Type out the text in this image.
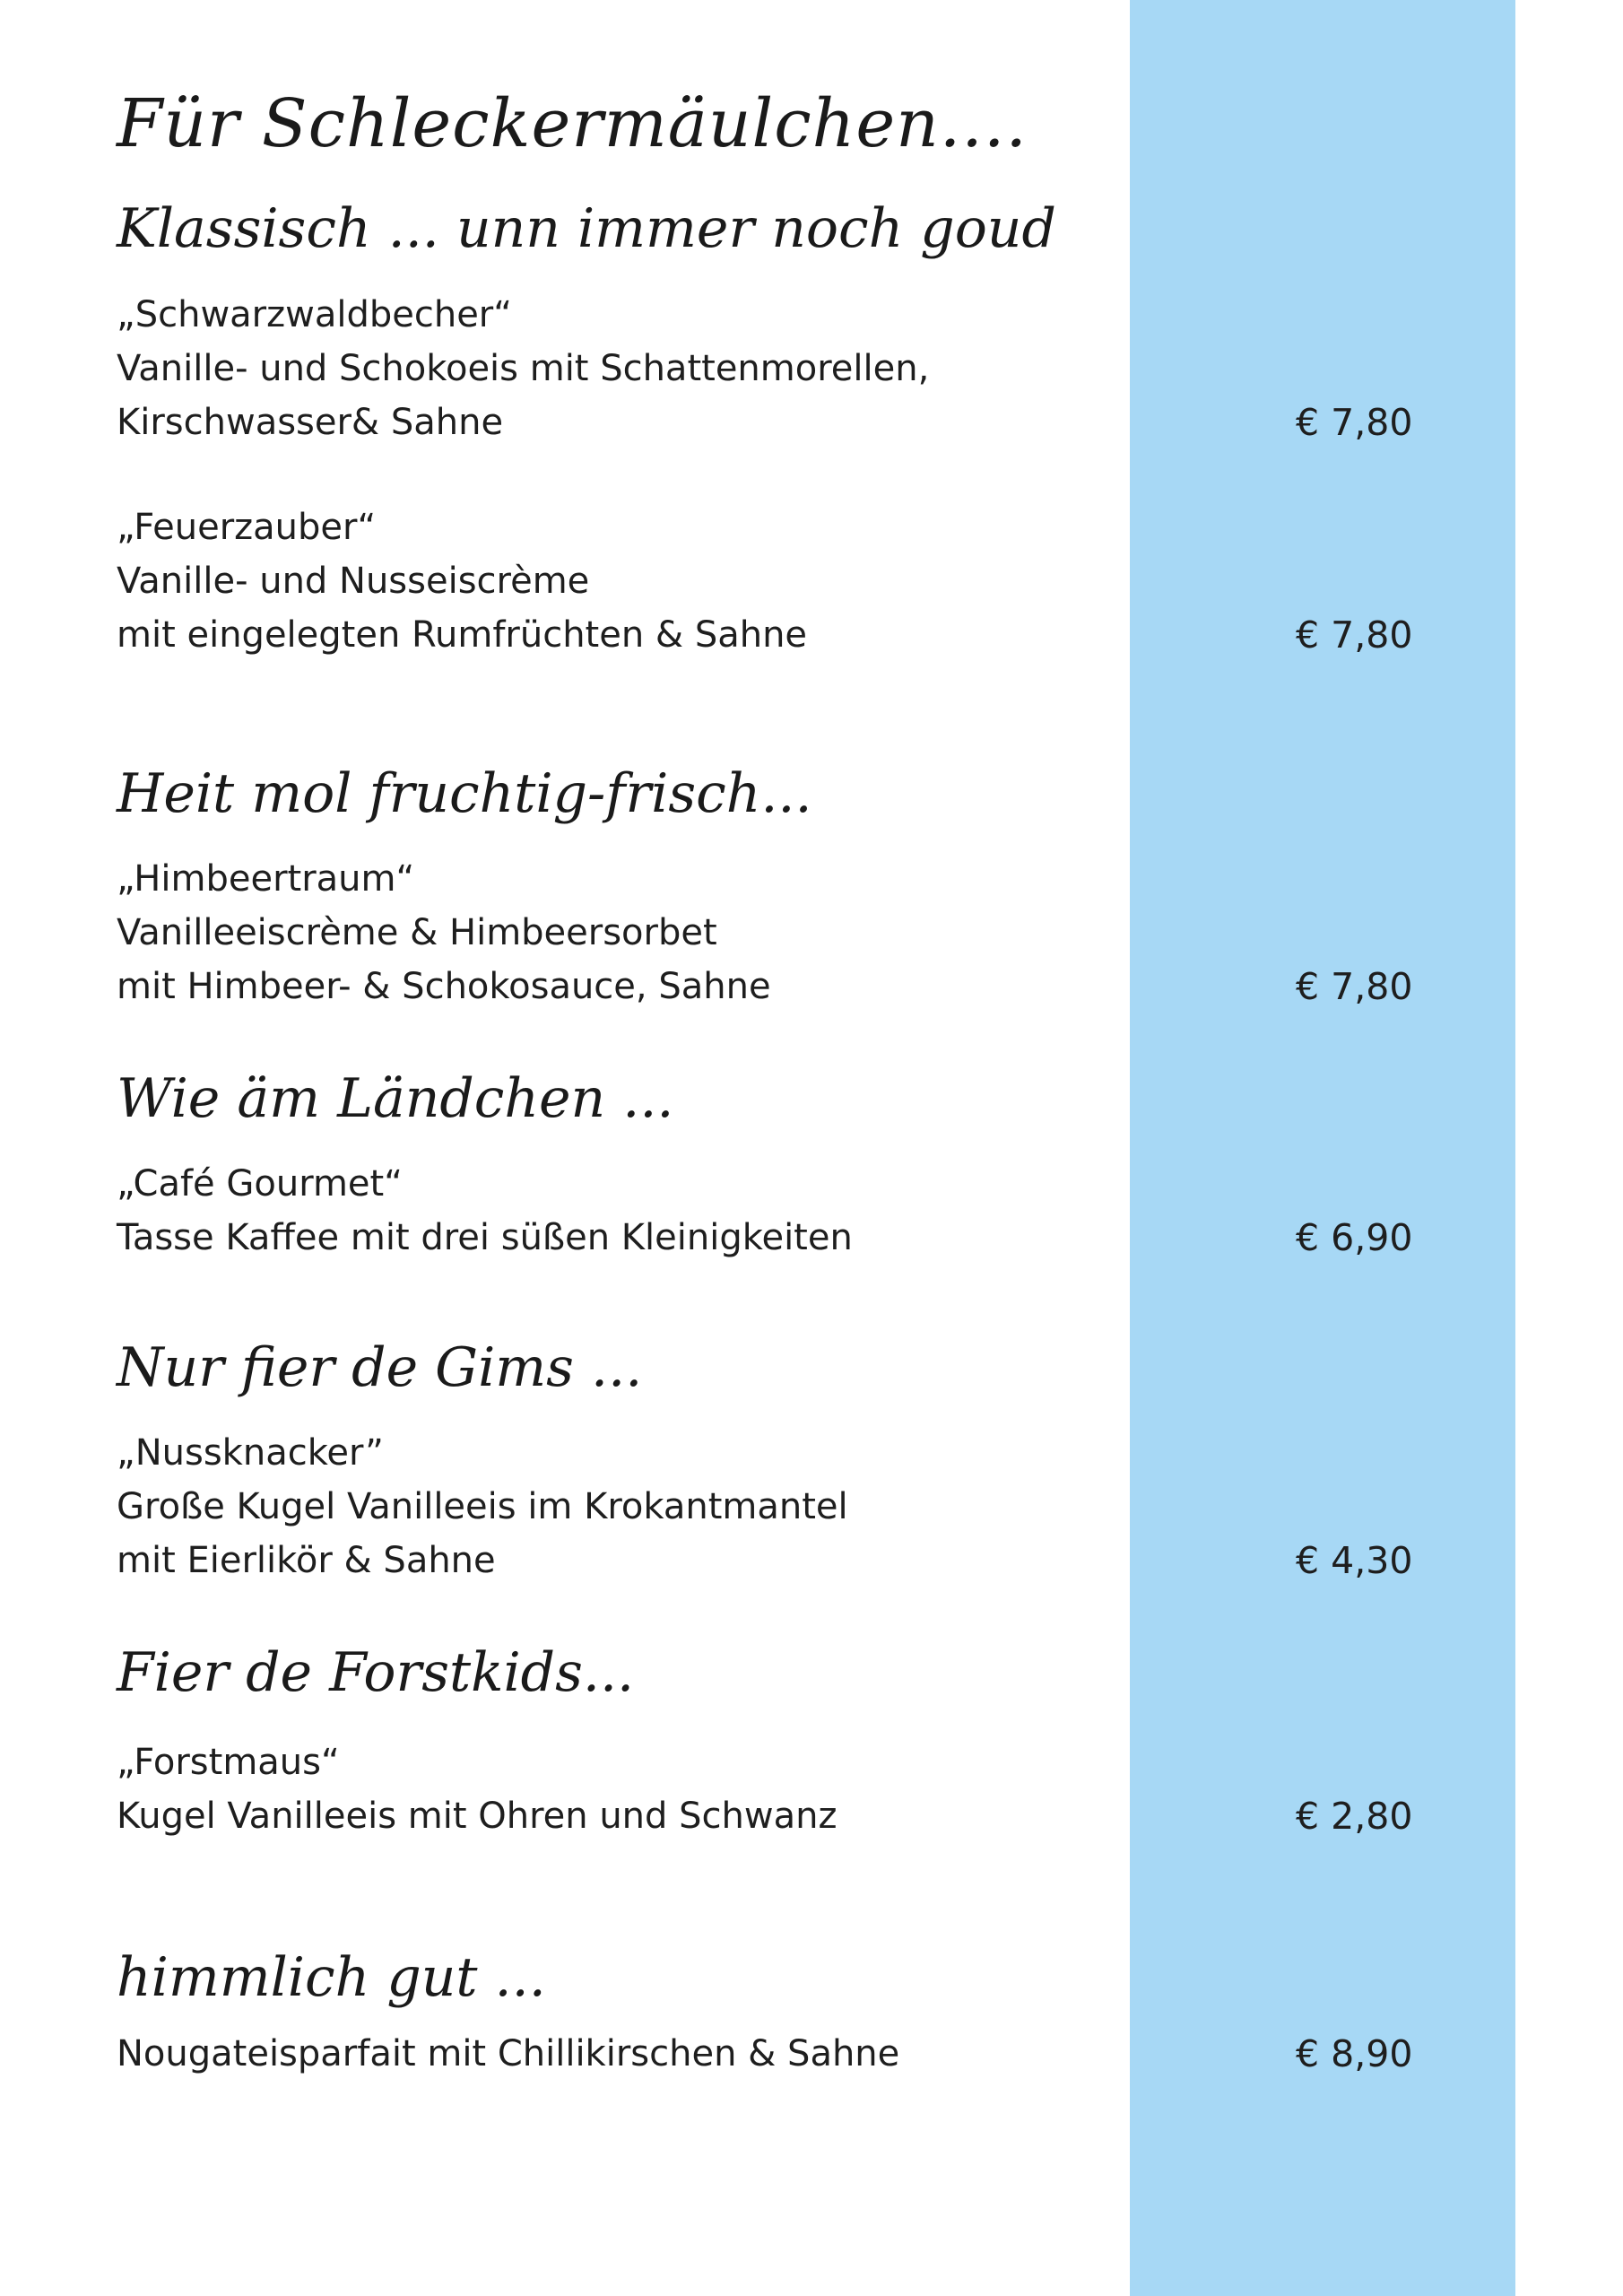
Für Schleckermäulchen....
Klassisch ... unn immer noch goud
„Schwarzwaldbecher“
Vanille- und Schokoeis mit Schattenmorellen,
Kirschwasser& Sahne	€ 7,80
„Feuerzauber“
Vanille- und Nusseiscrème
mit eingelegten Rumfrüchten & Sahne	€ 7,80
Heit mol fruchtig-frisch...
„Himbeertraum“
Vanilleeiscrème & Himbeersorbet
mit Himbeer- & Schokosauce, Sahne	€ 7,80
Wie äm Ländchen ...
„Café Gourmet“
Tasse Kaffee mit drei süßen Kleinigkeiten	€ 6,90
Nur fier de Gims ...
„Nussknacker”
Große Kugel Vanilleeis im Krokantmantel
mit Eierlikör & Sahne	€ 4,30
Fier de Forstkids...
„Forstmaus“
Kugel Vanilleeis mit Ohren und Schwanz	€ 2,80
himmlich gut ...
Nougateisparfait mit Chillikirschen & Sahne	€ 8,90
